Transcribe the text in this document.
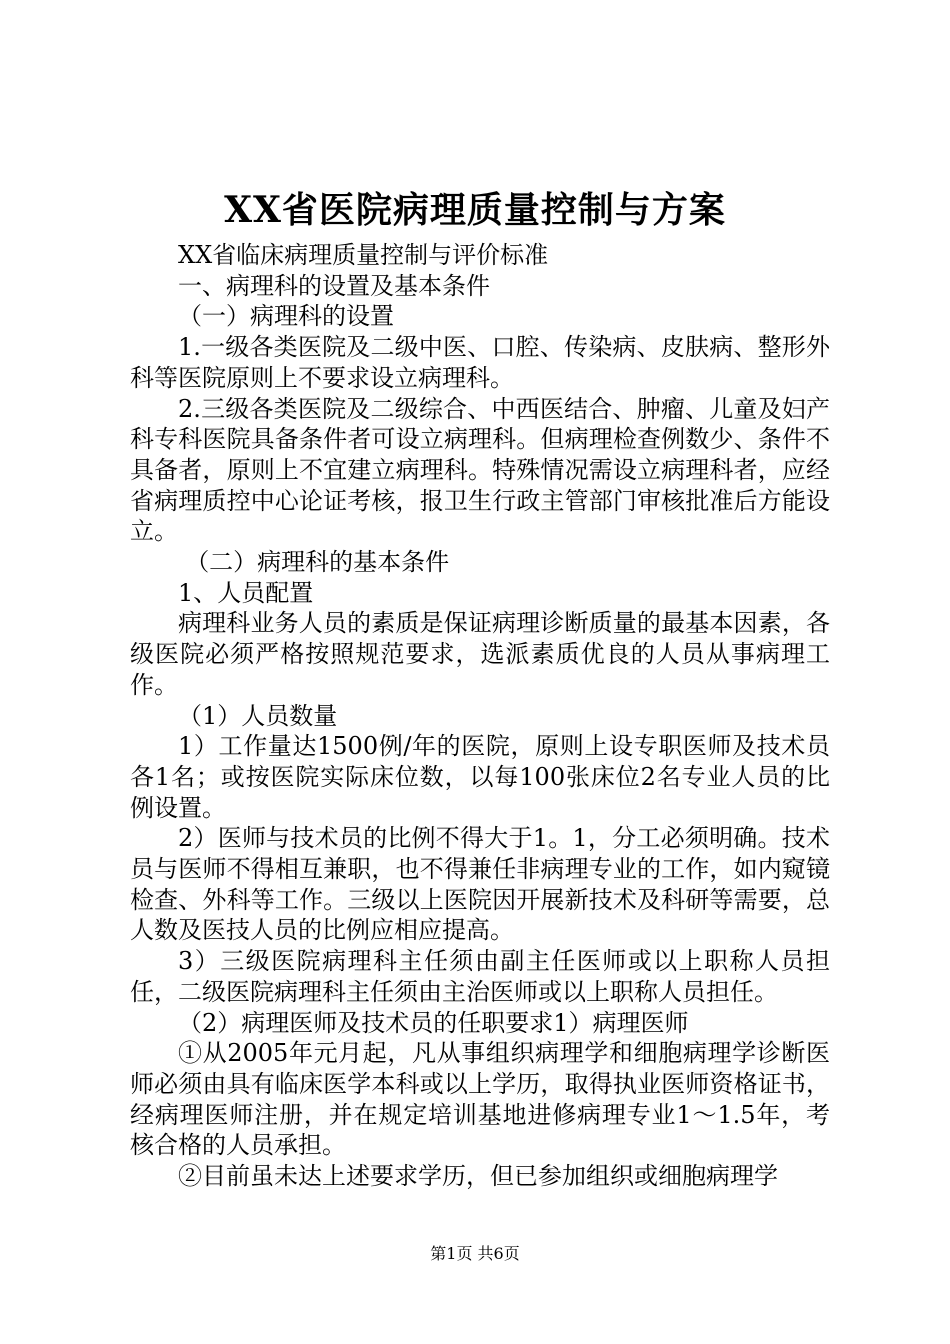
XX省医院病理质量控制与方案

XX省临床病理质量控制与评价标准

一、病理科的设置及基本条件

（一）病理科的设置

1.一级各类医院及二级中医、口腔、传染病、皮肤病、整形外科等医院原则上不要求设立病理科。

2.三级各类医院及二级综合、中西医结合、肿瘤、儿童及妇产科专科医院具备条件者可设立病理科。但病理检查例数少、条件不具备者，原则上不宜建立病理科。特殊情况需设立病理科者，应经省病理质控中心论证考核，报卫生行政主管部门审核批准后方能设立。

（二）病理科的基本条件

1、人员配置

病理科业务人员的素质是保证病理诊断质量的最基本因素，各级医院必须严格按照规范要求，选派素质优良的人员从事病理工作。

（1）人员数量

1）工作量达1500例/年的医院，原则上设专职医师及技术员各1名；或按医院实际床位数，以每100张床位2名专业人员的比例设置。

2）医师与技术员的比例不得大于1。1，分工必须明确。技术员与医师不得相互兼职，也不得兼任非病理专业的工作，如内窥镜检查、外科等工作。三级以上医院因开展新技术及科研等需要，总人数及医技人员的比例应相应提高。

3）三级医院病理科主任须由副主任医师或以上职称人员担任，二级医院病理科主任须由主治医师或以上职称人员担任。

（2）病理医师及技术员的任职要求1）病理医师

①从2005年元月起，凡从事组织病理学和细胞病理学诊断医师必须由具有临床医学本科或以上学历，取得执业医师资格证书，经病理医师注册，并在规定培训基地进修病理专业1～1.5年，考核合格的人员承担。

②目前虽未达上述要求学历，但已参加组织或细胞病理学

第1页 共6页
